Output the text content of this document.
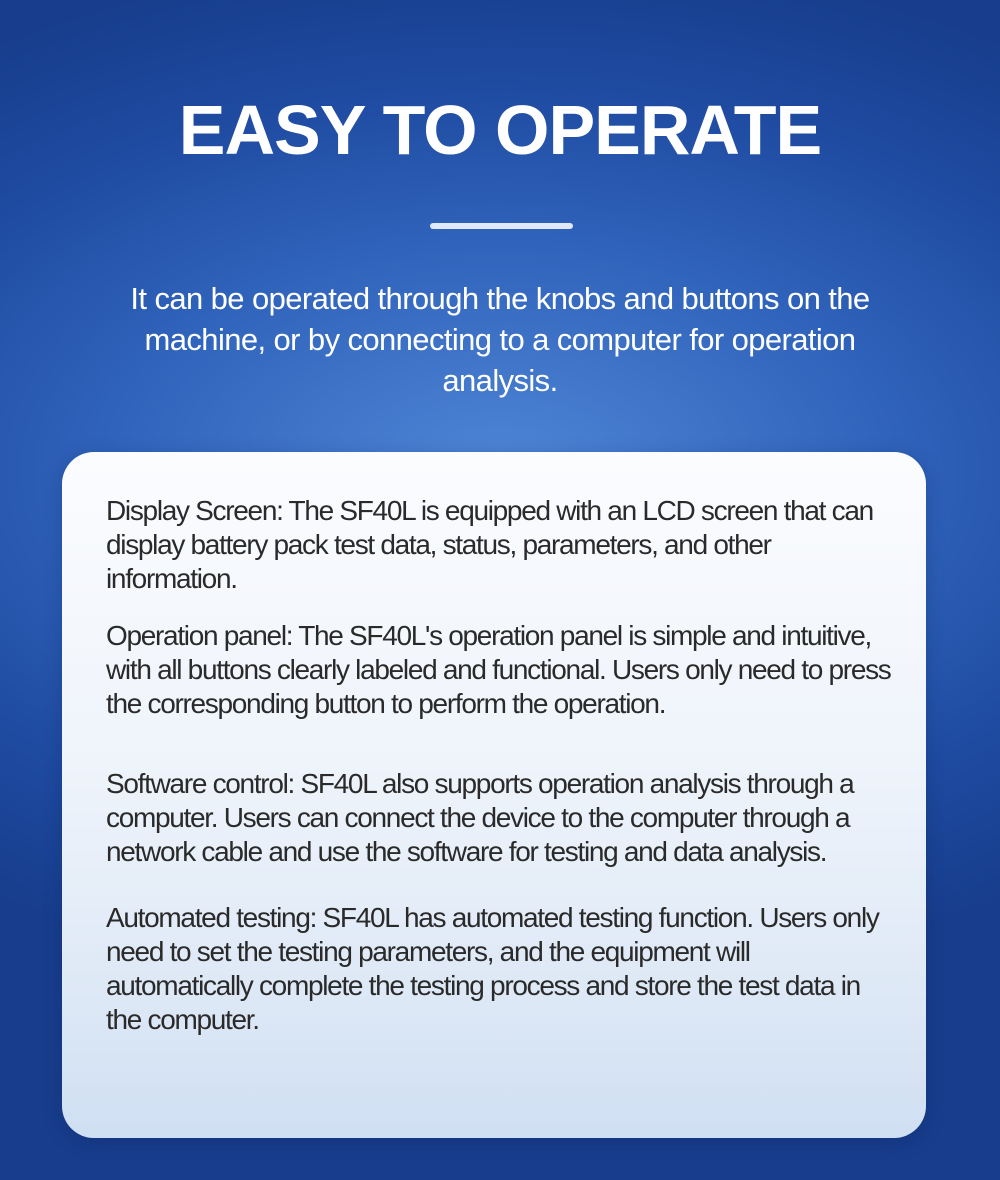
EASY TO OPERATE

It can be operated through the knobs and buttons on the machine, or by connecting to a computer for operation analysis.

Display Screen: The SF40L is equipped with an LCD screen that can display battery pack test data, status, parameters, and other information.

Operation panel: The SF40L's operation panel is simple and intuitive, with all buttons clearly labeled and functional. Users only need to press the corresponding button to perform the operation.

Software control: SF40L also supports operation analysis through a computer. Users can connect the device to the computer through a network cable and use the software for testing and data analysis.

Automated testing: SF40L has automated testing function. Users only need to set the testing parameters, and the equipment will automatically complete the testing process and store the test data in the computer.
